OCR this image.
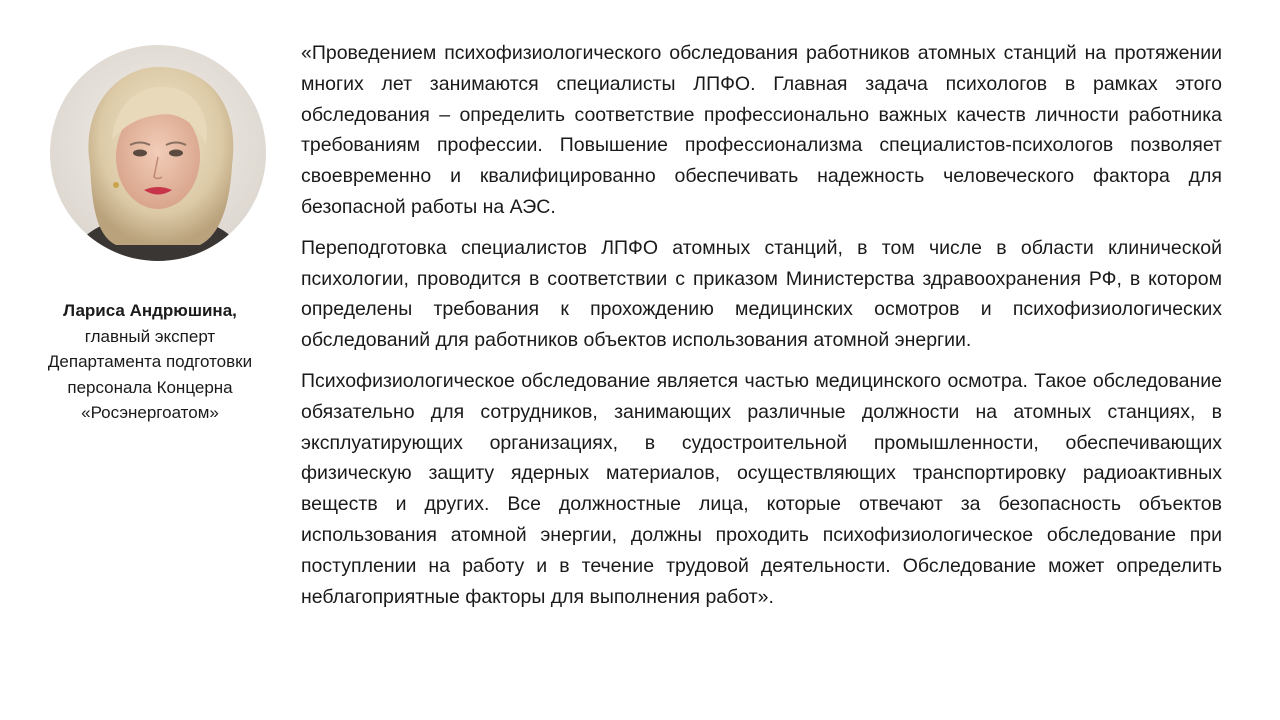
Лариса Андрюшина,
главный эксперт Департамента подготовки персонала Концерна «Росэнергоатом»

«Проведением психофизиологического обследования работников атомных станций на протяжении многих лет занимаются специалисты ЛПФО. Главная задача психологов в рамках этого обследования – определить соответствие профессионально важных качеств личности работника требованиям профессии. Повышение профессионализма специалистов-психологов позволяет своевременно и квалифицированно обеспечивать надежность человеческого фактора для безопасной работы на АЭС.

Переподготовка специалистов ЛПФО атомных станций, в том числе в области клинической психологии, проводится в соответствии с приказом Министерства здравоохранения РФ, в котором определены требования к прохождению медицинских осмотров и психофизиологических обследований для работников объектов использования атомной энергии.

Психофизиологическое обследование является частью медицинского осмотра. Такое обследование обязательно для сотрудников, занимающих различные должности на атомных станциях, в эксплуатирующих организациях, в судостроительной промышленности, обеспечивающих физическую защиту ядерных материалов, осуществляющих транспортировку радиоактивных веществ и других. Все должностные лица, которые отвечают за безопасность объектов использования атомной энергии, должны проходить психофизиологическое обследование при поступлении на работу и в течение трудовой деятельности. Обследование может определить неблагоприятные факторы для выполнения работ».
